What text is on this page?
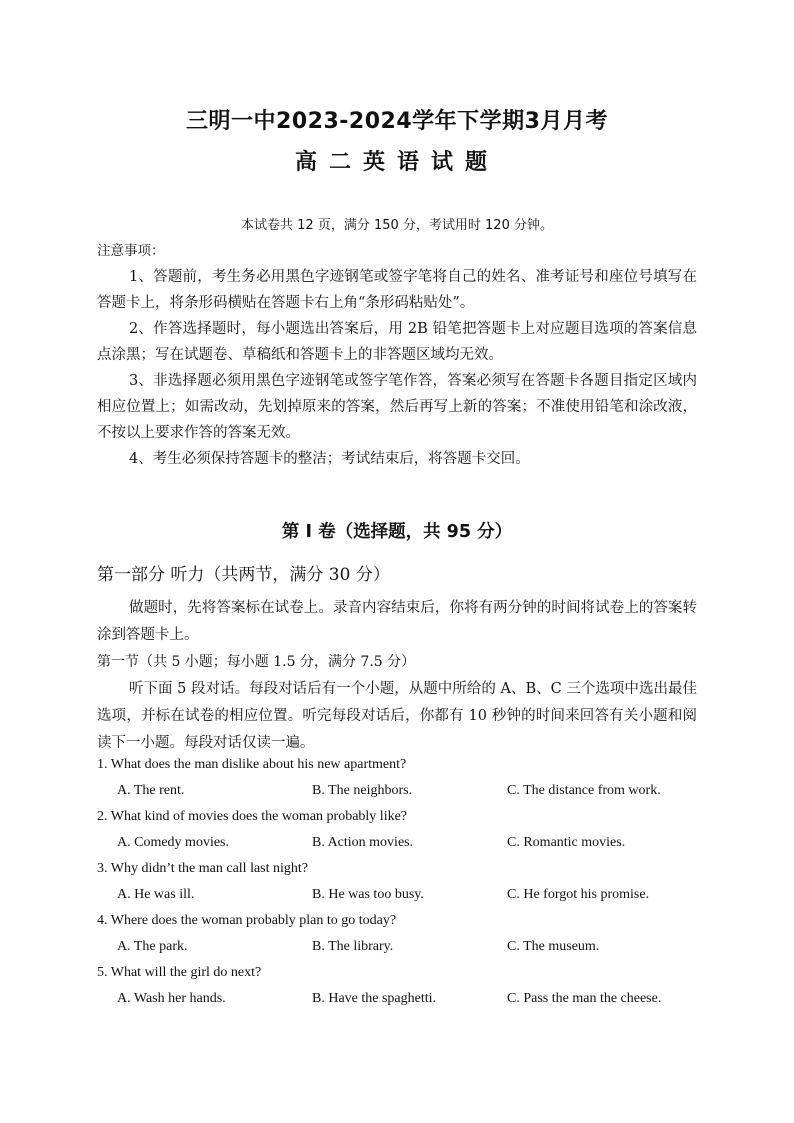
三明一中2023-2024学年下学期3月月考
高二英语试题
本试卷共 12 页，满分 150 分，考试用时 120 分钟。
注意事项：

1、答题前，考生务必用黑色字迹钢笔或签字笔将自己的姓名、准考证号和座位号填写在答题卡上，将条形码横贴在答题卡右上角“条形码粘贴处”。

2、作答选择题时，每小题选出答案后，用 2B 铅笔把答题卡上对应题目选项的答案信息点涂黑；写在试题卷、草稿纸和答题卡上的非答题区域均无效。

3、非选择题必须用黑色字迹钢笔或签字笔作答，答案必须写在答题卡各题目指定区域内相应位置上；如需改动，先划掉原来的答案，然后再写上新的答案；不准使用铅笔和涂改液，不按以上要求作答的答案无效。

4、考生必须保持答题卡的整洁；考试结束后，将答题卡交回。

第 I 卷（选择题，共 95 分）
第一部分 听力（共两节，满分 30 分）

做题时，先将答案标在试卷上。录音内容结束后，你将有两分钟的时间将试卷上的答案转涂到答题卡上。

第一节（共 5 小题；每小题 1.5 分，满分 7.5 分）

听下面 5 段对话。每段对话后有一个小题，从题中所给的 A、B、C 三个选项中选出最佳选项，并标在试卷的相应位置。听完每段对话后，你都有 10 秒钟的时间来回答有关小题和阅读下一小题。每段对话仅读一遍。

1. What does the man dislike about his new apartment?
A. The rent.	B. The neighbors.	C. The distance from work.
2. What kind of movies does the woman probably like?
A. Comedy movies.	B. Action movies.	C. Romantic movies.
3. Why didn’t the man call last night?
A. He was ill.	B. He was too busy.	C. He forgot his promise.
4. Where does the woman probably plan to go today?
A. The park.	B. The library.	C. The museum.
5. What will the girl do next?
A. Wash her hands.	B. Have the spaghetti.	C. Pass the man the cheese.
